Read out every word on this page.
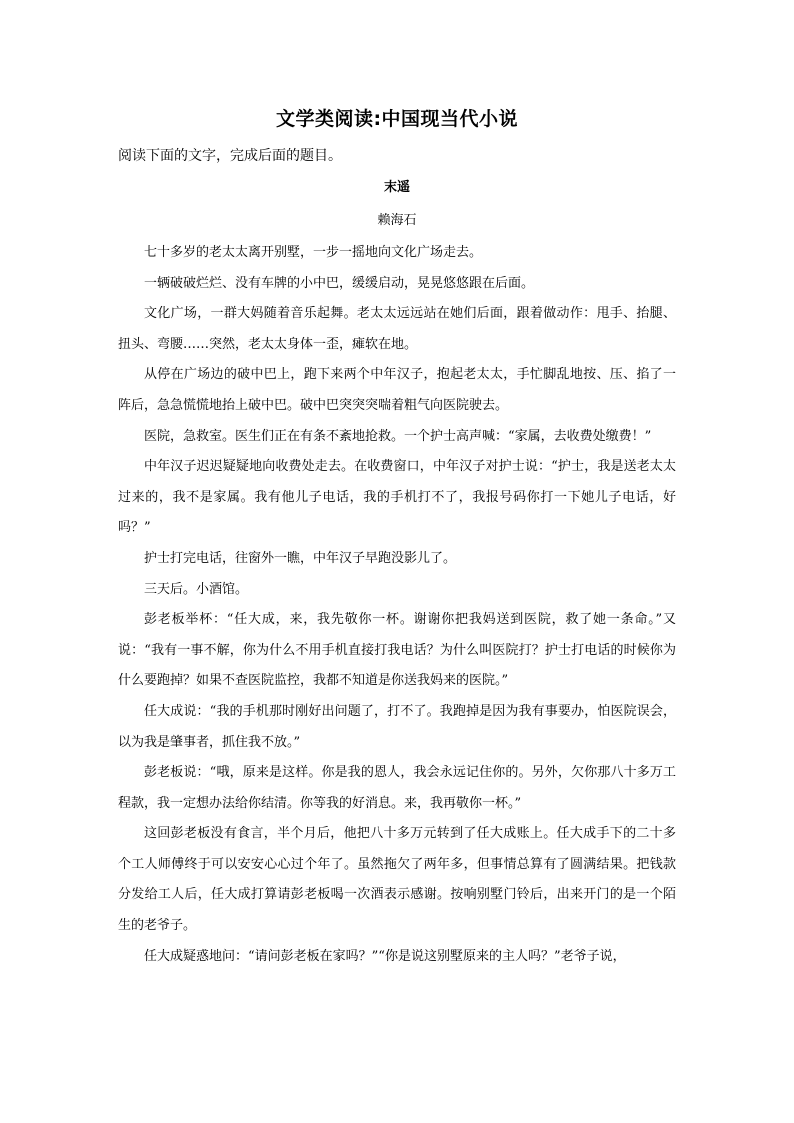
文学类阅读:中国现当代小说
阅读下面的文字，完成后面的题目。
末遥
赖海石

七十多岁的老太太离开别墅，一步一摇地向文化广场走去。

一辆破破烂烂、没有车牌的小中巴，缓缓启动，晃晃悠悠跟在后面。

文化广场，一群大妈随着音乐起舞。老太太远远站在她们后面，跟着做动作：甩手、抬腿、扭头、弯腰……突然，老太太身体一歪，瘫软在地。

从停在广场边的破中巴上，跑下来两个中年汉子，抱起老太太，手忙脚乱地按、压、掐了一阵后，急急慌慌地抬上破中巴。破中巴突突突喘着粗气向医院驶去。

医院，急救室。医生们正在有条不紊地抢救。一个护士高声喊：“家属，去收费处缴费！”

中年汉子迟迟疑疑地向收费处走去。在收费窗口，中年汉子对护士说：“护士，我是送老太太过来的，我不是家属。我有他儿子电话，我的手机打不了，我报号码你打一下她儿子电话，好吗？”

护士打完电话，往窗外一瞧，中年汉子早跑没影儿了。

三天后。小酒馆。

彭老板举杯：“任大成，来，我先敬你一杯。谢谢你把我妈送到医院，救了她一条命。”又说：“我有一事不解，你为什么不用手机直接打我电话？为什么叫医院打？护士打电话的时候你为什么要跑掉？如果不查医院监控，我都不知道是你送我妈来的医院。”

任大成说：“我的手机那时刚好出问题了，打不了。我跑掉是因为我有事要办，怕医院误会，以为我是肇事者，抓住我不放。”

彭老板说：“哦，原来是这样。你是我的恩人，我会永远记住你的。另外，欠你那八十多万工程款，我一定想办法给你结清。你等我的好消息。来，我再敬你一杯。”

这回彭老板没有食言，半个月后，他把八十多万元转到了任大成账上。任大成手下的二十多个工人师傅终于可以安安心心过个年了。虽然拖欠了两年多，但事情总算有了圆满结果。把钱款分发给工人后，任大成打算请彭老板喝一次酒表示感谢。按响别墅门铃后，出来开门的是一个陌生的老爷子。

任大成疑惑地问：“请问彭老板在家吗？”“你是说这别墅原来的主人吗？”老爷子说，
